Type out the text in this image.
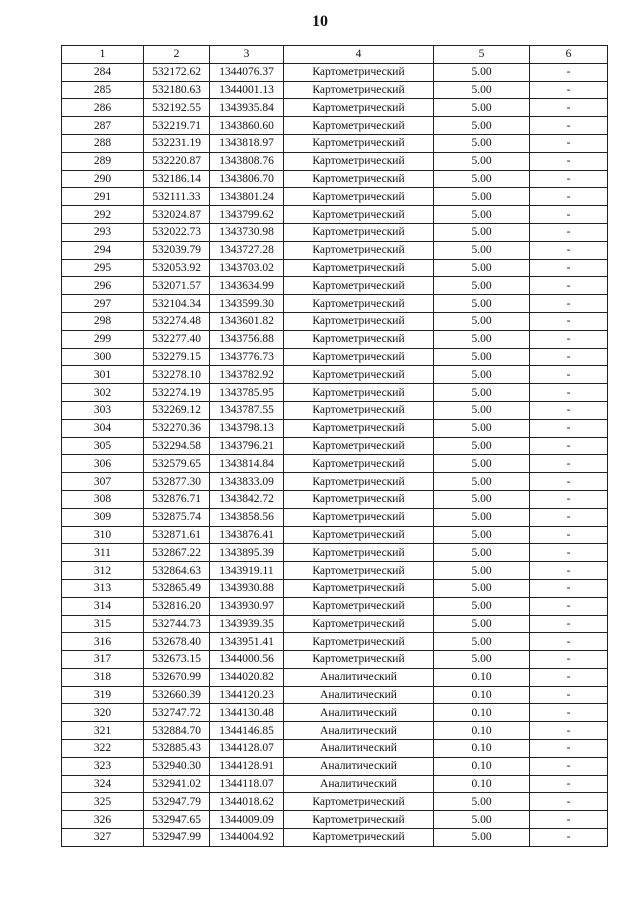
10
1	2	3	4	5	6
284	532172.62	1344076.37	Картометрический	5.00	-
285	532180.63	1344001.13	Картометрический	5.00	-
286	532192.55	1343935.84	Картометрический	5.00	-
287	532219.71	1343860.60	Картометрический	5.00	-
288	532231.19	1343818.97	Картометрический	5.00	-
289	532220.87	1343808.76	Картометрический	5.00	-
290	532186.14	1343806.70	Картометрический	5.00	-
291	532111.33	1343801.24	Картометрический	5.00	-
292	532024.87	1343799.62	Картометрический	5.00	-
293	532022.73	1343730.98	Картометрический	5.00	-
294	532039.79	1343727.28	Картометрический	5.00	-
295	532053.92	1343703.02	Картометрический	5.00	-
296	532071.57	1343634.99	Картометрический	5.00	-
297	532104.34	1343599.30	Картометрический	5.00	-
298	532274.48	1343601.82	Картометрический	5.00	-
299	532277.40	1343756.88	Картометрический	5.00	-
300	532279.15	1343776.73	Картометрический	5.00	-
301	532278.10	1343782.92	Картометрический	5.00	-
302	532274.19	1343785.95	Картометрический	5.00	-
303	532269.12	1343787.55	Картометрический	5.00	-
304	532270.36	1343798.13	Картометрический	5.00	-
305	532294.58	1343796.21	Картометрический	5.00	-
306	532579.65	1343814.84	Картометрический	5.00	-
307	532877.30	1343833.09	Картометрический	5.00	-
308	532876.71	1343842.72	Картометрический	5.00	-
309	532875.74	1343858.56	Картометрический	5.00	-
310	532871.61	1343876.41	Картометрический	5.00	-
311	532867.22	1343895.39	Картометрический	5.00	-
312	532864.63	1343919.11	Картометрический	5.00	-
313	532865.49	1343930.88	Картометрический	5.00	-
314	532816.20	1343930.97	Картометрический	5.00	-
315	532744.73	1343939.35	Картометрический	5.00	-
316	532678.40	1343951.41	Картометрический	5.00	-
317	532673.15	1344000.56	Картометрический	5.00	-
318	532670.99	1344020.82	Аналитический	0.10	-
319	532660.39	1344120.23	Аналитический	0.10	-
320	532747.72	1344130.48	Аналитический	0.10	-
321	532884.70	1344146.85	Аналитический	0.10	-
322	532885.43	1344128.07	Аналитический	0.10	-
323	532940.30	1344128.91	Аналитический	0.10	-
324	532941.02	1344118.07	Аналитический	0.10	-
325	532947.79	1344018.62	Картометрический	5.00	-
326	532947.65	1344009.09	Картометрический	5.00	-
327	532947.99	1344004.92	Картометрический	5.00	-
